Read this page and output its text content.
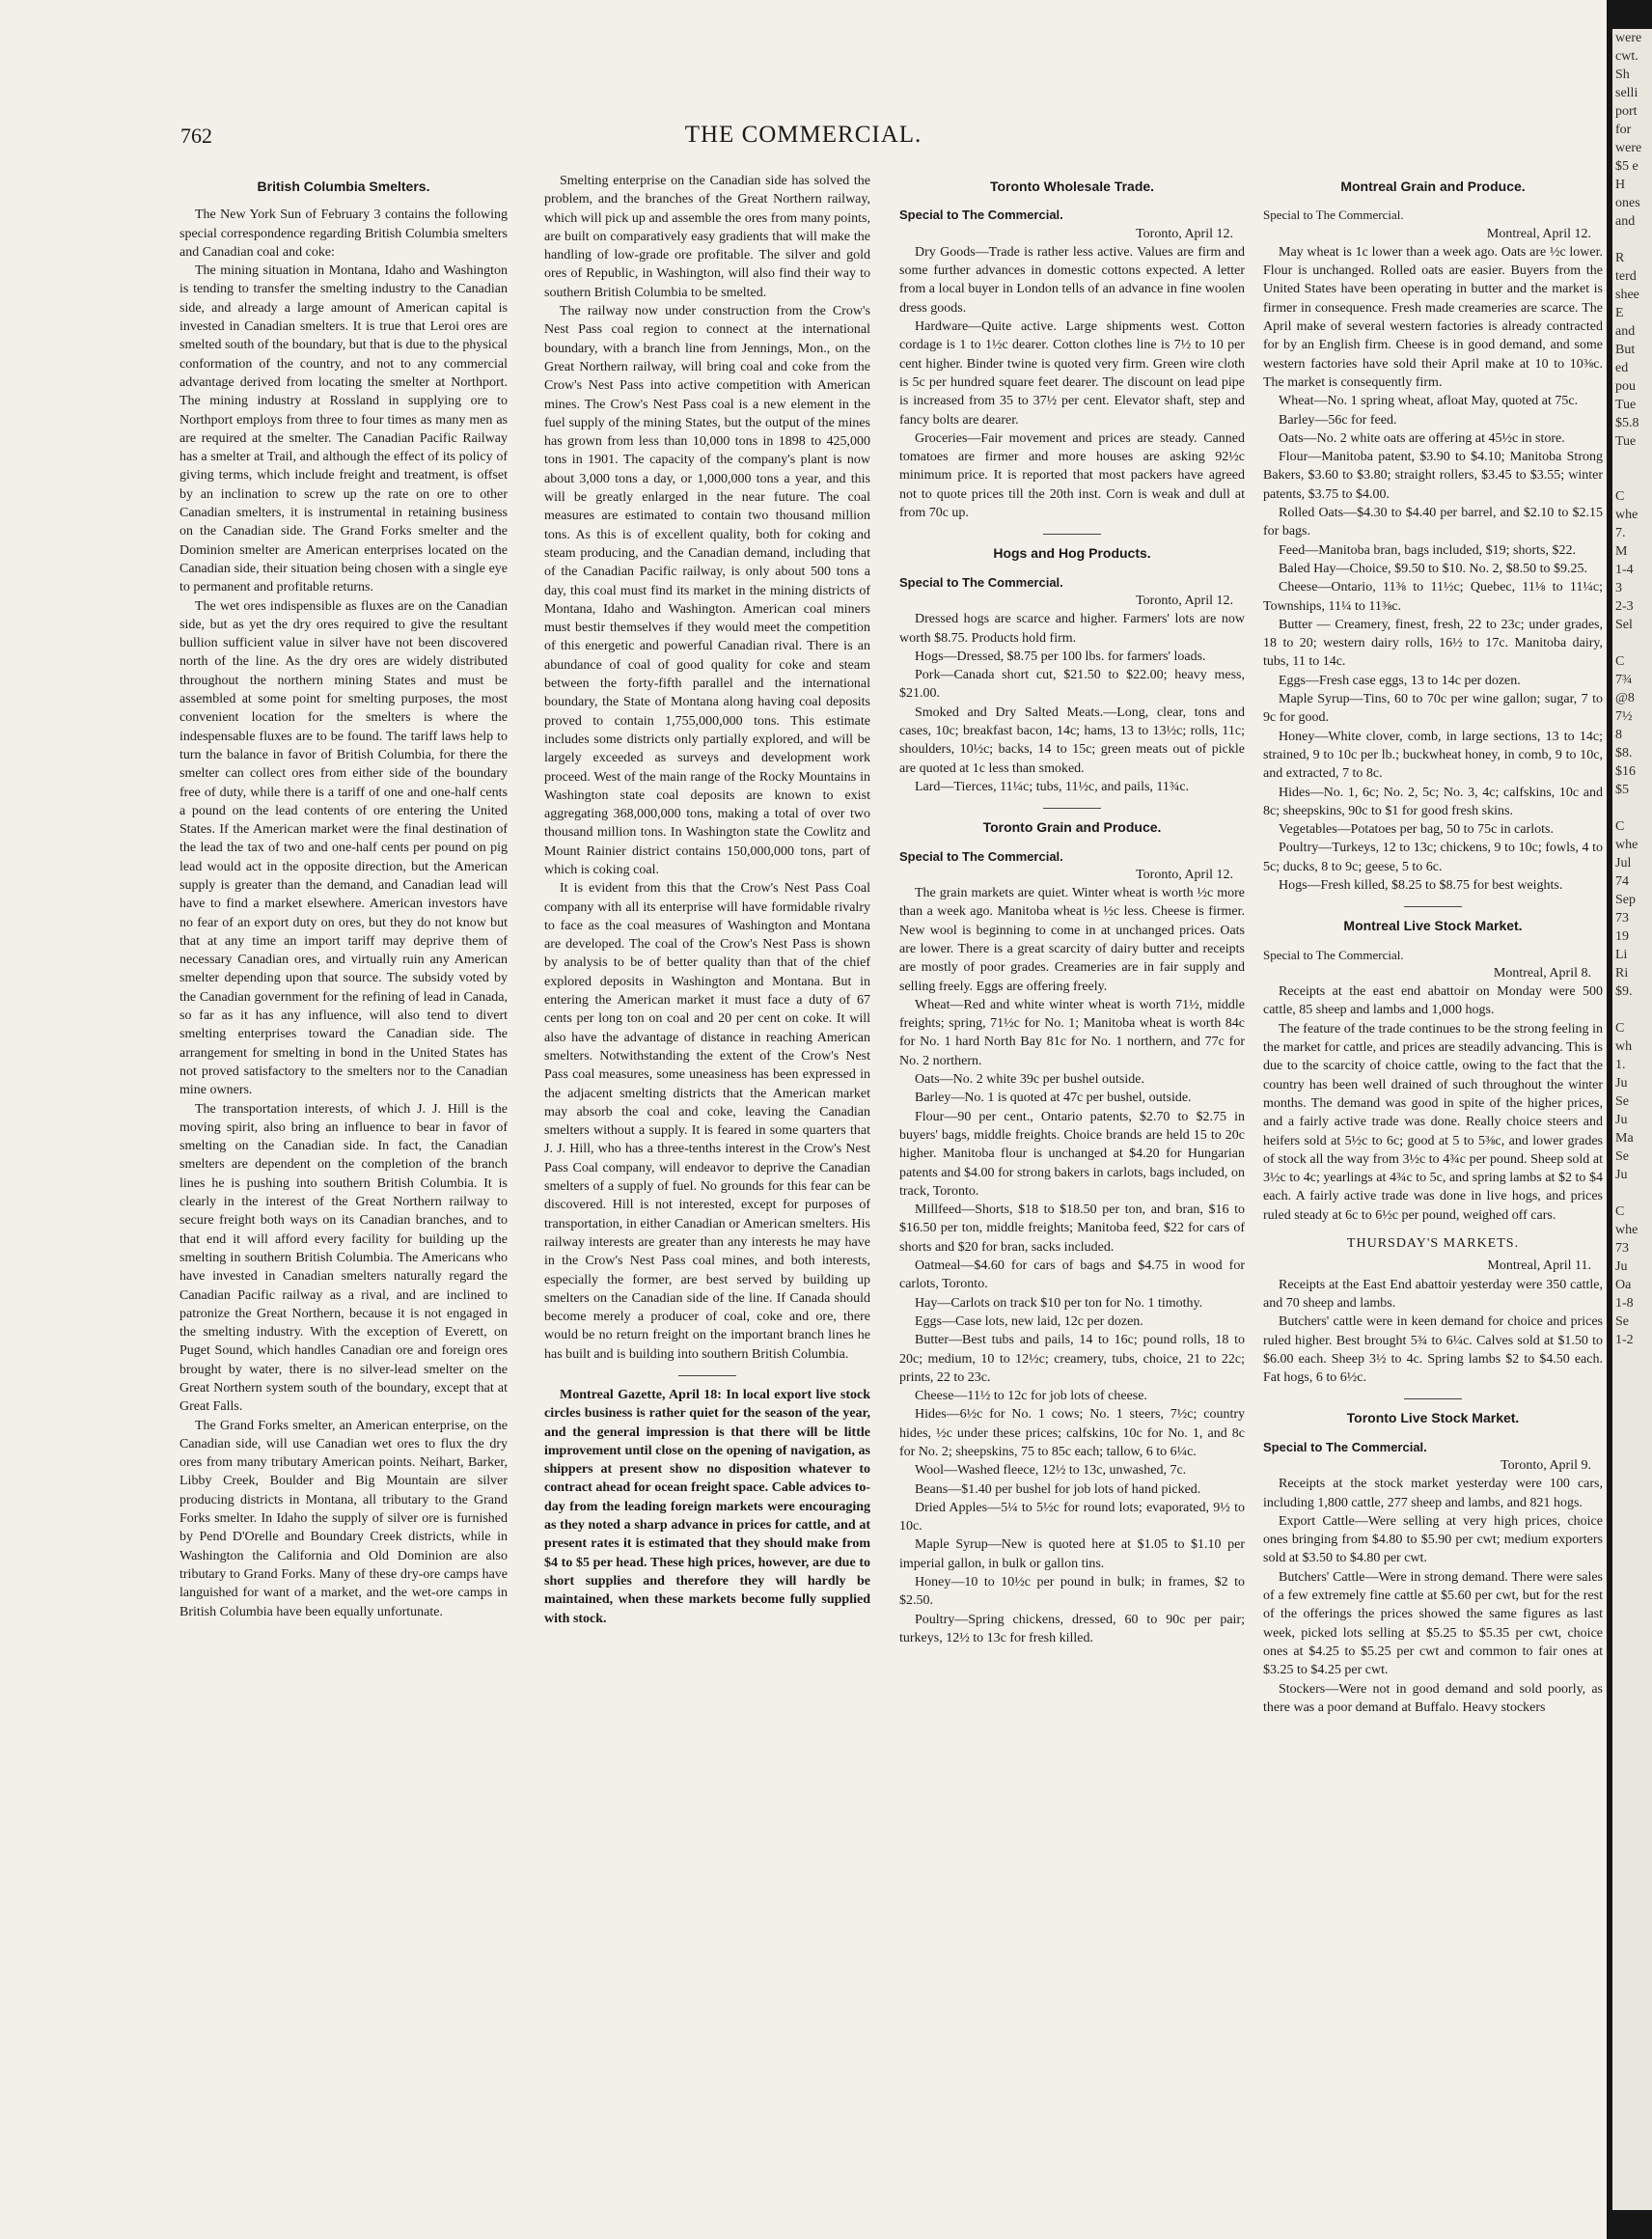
762	THE COMMERCIAL.
British Columbia Smelters.

The New York Sun of February 3 contains the following special correspondence regarding British Columbia smelters and Canadian coal and coke:

The mining situation in Montana, Idaho and Washington is tending to transfer the smelting industry to the Canadian side, and already a large amount of American capital is invested in Canadian smelters. It is true that Leroi ores are smelted south of the boundary, but that is due to the physical conformation of the country, and not to any commercial advantage derived from locating the smelter at Northport. The mining industry at Rossland in supplying ore to Northport employs from three to four times as many men as are required at the smelter. The Canadian Pacific Railway has a smelter at Trail, and although the effect of its policy of giving terms, which include freight and treatment, is offset by an inclination to screw up the rate on ore to other Canadian smelters, it is instrumental in retaining business on the Canadian side. The Grand Forks smelter and the Dominion smelter are American enterprises located on the Canadian side, their situation being chosen with a single eye to permanent and profitable returns.

The wet ores indispensible as fluxes are on the Canadian side, but as yet the dry ores required to give the resultant bullion sufficient value in silver have not been discovered north of the line. As the dry ores are widely distributed throughout the northern mining States and must be assembled at some point for smelting purposes, the most convenient location for the smelters is where the indespensable fluxes are to be found. The tariff laws help to turn the balance in favor of British Columbia, for there the smelter can collect ores from either side of the boundary free of duty, while there is a tariff of one and one-half cents a pound on the lead contents of ore entering the United States. If the American market were the final destination of the lead the tax of two and one-half cents per pound on pig lead would act in the opposite direction, but the American supply is greater than the demand, and Canadian lead will have to find a market elsewhere. American investors have no fear of an export duty on ores, but they do not know but that at any time an import tariff may deprive them of necessary Canadian ores, and virtually ruin any American smelter depending upon that source. The subsidy voted by the Canadian government for the refining of lead in Canada, so far as it has any influence, will also tend to divert smelting enterprises toward the Canadian side. The arrangement for smelting in bond in the United States has not proved satisfactory to the smelters nor to the Canadian mine owners.

The transportation interests, of which J. J. Hill is the moving spirit, also bring an influence to bear in favor of smelting on the Canadian side. In fact, the Canadian smelters are dependent on the completion of the branch lines he is pushing into southern British Columbia. It is clearly in the interest of the Great Northern railway to secure freight both ways on its Canadian branches, and to that end it will afford every facility for building up the smelting in southern British Columbia. The Americans who have invested in Canadian smelters naturally regard the Canadian Pacific railway as a rival, and are inclined to patronize the Great Northern, because it is not engaged in the smelting industry. With the exception of Everett, on Puget Sound, which handles Canadian ore and foreign ores brought by water, there is no silver-lead smelter on the Great Northern system south of the boundary, except that at Great Falls.

The Grand Forks smelter, an American enterprise, on the Canadian side, will use Canadian wet ores to flux the dry ores from many tributary American points. Neihart, Barker, Libby Creek, Boulder and Big Mountain are silver producing districts in Montana, all tributary to the Grand Forks smelter. In Idaho the supply of silver ore is furnished by Pend D'Orelle and Boundary Creek districts, while in Washington the California and Old Dominion are also tributary to Grand Forks. Many of these dry-ore camps have languished for want of a market, and the wet-ore camps in British Columbia have been equally unfortunate.

Smelting enterprise on the Canadian side has solved the problem, and the branches of the Great Northern railway, which will pick up and assemble the ores from many points, are built on comparatively easy gradients that will make the handling of low-grade ore profitable. The silver and gold ores of Republic, in Washington, will also find their way to southern British Columbia to be smelted.

The railway now under construction from the Crow's Nest Pass coal region to connect at the international boundary, with a branch line from Jennings, Mon., on the Great Northern railway, will bring coal and coke from the Crow's Nest Pass into active competition with American mines. The Crow's Nest Pass coal is a new element in the fuel supply of the mining States, but the output of the mines has grown from less than 10,000 tons in 1898 to 425,000 tons in 1901. The capacity of the company's plant is now about 3,000 tons a day, or 1,000,000 tons a year, and this will be greatly enlarged in the near future. The coal measures are estimated to contain two thousand million tons. As this is of excellent quality, both for coking and steam producing, and the Canadian demand, including that of the Canadian Pacific railway, is only about 500 tons a day, this coal must find its market in the mining districts of Montana, Idaho and Washington. American coal miners must bestir themselves if they would meet the competition of this energetic and powerful Canadian rival. There is an abundance of coal of good quality for coke and steam between the forty-fifth parallel and the international boundary, the State of Montana along having coal deposits proved to contain 1,755,000,000 tons. This estimate includes some districts only partially explored, and will be largely exceeded as surveys and development work proceed. West of the main range of the Rocky Mountains in Washington state coal deposits are known to exist aggregating 368,000,000 tons, making a total of over two thousand million tons. In Washington state the Cowlitz and Mount Rainier district contains 150,000,000 tons, part of which is coking coal.

It is evident from this that the Crow's Nest Pass Coal company with all its enterprise will have formidable rivalry to face as the coal measures of Washington and Montana are developed. The coal of the Crow's Nest Pass is shown by analysis to be of better quality than that of the chief explored deposits in Washington and Montana. But in entering the American market it must face a duty of 67 cents per long ton on coal and 20 per cent on coke. It will also have the advantage of distance in reaching American smelters. Notwithstanding the extent of the Crow's Nest Pass coal measures, some uneasiness has been expressed in the adjacent smelting districts that the American market may absorb the coal and coke, leaving the Canadian smelters without a supply. It is feared in some quarters that J. J. Hill, who has a three-tenths interest in the Crow's Nest Pass Coal company, will endeavor to deprive the Canadian smelters of a supply of fuel. No grounds for this fear can be discovered. Hill is not interested, except for purposes of transportation, in either Canadian or American smelters. His railway interests are greater than any interests he may have in the Crow's Nest Pass coal mines, and both interests, especially the former, are best served by building up smelters on the Canadian side of the line. If Canada should become merely a producer of coal, coke and ore, there would be no return freight on the important branch lines he has built and is building into southern British Columbia.

Montreal Gazette, April 18: In local export live stock circles business is rather quiet for the season of the year, and the general impression is that there will be little improvement until close on the opening of navigation, as shippers at present show no disposition whatever to contract ahead for ocean freight space. Cable advices to-day from the leading foreign markets were encouraging as they noted a sharp advance in prices for cattle, and at present rates it is estimated that they should make from $4 to $5 per head. These high prices, however, are due to short supplies and therefore they will hardly be maintained, when these markets become fully supplied with stock.

Toronto Wholesale Trade.
Special to The Commercial.
Toronto, April 12.

Dry Goods—Trade is rather less active. Values are firm and some further advances in domestic cottons expected. A letter from a local buyer in London tells of an advance in fine woolen dress goods.

Hardware—Quite active. Large shipments west. Cotton cordage is 1 to 1½c dearer. Cotton clothes line is 7½ to 10 per cent higher. Binder twine is quoted very firm. Green wire cloth is 5c per hundred square feet dearer. The discount on lead pipe is increased from 35 to 37½ per cent. Elevator shaft, step and fancy bolts are dearer.

Groceries—Fair movement and prices are steady. Canned tomatoes are firmer and more houses are asking 92½c minimum price. It is reported that most packers have agreed not to quote prices till the 20th inst. Corn is weak and dull at from 70c up.

Hogs and Hog Products.
Special to The Commercial.
Toronto, April 12.

Dressed hogs are scarce and higher. Farmers' lots are now worth $8.75. Products hold firm.

Hogs—Dressed, $8.75 per 100 lbs. for farmers' loads.

Pork—Canada short cut, $21.50 to $22.00; heavy mess, $21.00.

Smoked and Dry Salted Meats.—Long, clear, tons and cases, 10c; breakfast bacon, 14c; hams, 13 to 13½c; rolls, 11c; shoulders, 10½c; backs, 14 to 15c; green meats out of pickle are quoted at 1c less than smoked.

Lard—Tierces, 11¼c; tubs, 11½c, and pails, 11¾c.

Toronto Grain and Produce.
Special to The Commercial.
Toronto, April 12.

The grain markets are quiet. Winter wheat is worth ½c more than a week ago. Manitoba wheat is ½c less. Cheese is firmer. New wool is beginning to come in at unchanged prices. Oats are lower. There is a great scarcity of dairy butter and receipts are mostly of poor grades. Creameries are in fair supply and selling freely. Eggs are offering freely.

Wheat—Red and white winter wheat is worth 71½, middle freights; spring, 71½c for No. 1; Manitoba wheat is worth 84c for No. 1 hard North Bay 81c for No. 1 northern, and 77c for No. 2 northern.

Oats—No. 2 white 39c per bushel outside.

Barley—No. 1 is quoted at 47c per bushel, outside.

Flour—90 per cent., Ontario patents, $2.70 to $2.75 in buyers' bags, middle freights. Choice brands are held 15 to 20c higher. Manitoba flour is unchanged at $4.20 for Hungarian patents and $4.00 for strong bakers in carlots, bags included, on track, Toronto.

Millfeed—Shorts, $18 to $18.50 per ton, and bran, $16 to $16.50 per ton, middle freights; Manitoba feed, $22 for cars of shorts and $20 for bran, sacks included.

Oatmeal—$4.60 for cars of bags and $4.75 in wood for carlots, Toronto.

Hay—Carlots on track $10 per ton for No. 1 timothy.

Eggs—Case lots, new laid, 12c per dozen.

Butter—Best tubs and pails, 14 to 16c; pound rolls, 18 to 20c; medium, 10 to 12½c; creamery, tubs, choice, 21 to 22c; prints, 22 to 23c.

Cheese—11½ to 12c for job lots of cheese.

Hides—6½c for No. 1 cows; No. 1 steers, 7½c; country hides, ½c under these prices; calfskins, 10c for No. 1, and 8c for No. 2; sheepskins, 75 to 85c each; tallow, 6 to 6¼c.

Wool—Washed fleece, 12½ to 13c, unwashed, 7c.

Beans—$1.40 per bushel for job lots of hand picked.

Dried Apples—5¼ to 5½c for round lots; evaporated, 9½ to 10c.

Maple Syrup—New is quoted here at $1.05 to $1.10 per imperial gallon, in bulk or gallon tins.

Honey—10 to 10½c per pound in bulk; in frames, $2 to $2.50.

Poultry—Spring chickens, dressed, 60 to 90c per pair; turkeys, 12½ to 13c for fresh killed.

Montreal Grain and Produce.
Special to The Commercial.
Montreal, April 12.

May wheat is 1c lower than a week ago. Oats are ½c lower. Flour is unchanged. Rolled oats are easier. Buyers from the United States have been operating in butter and the market is firmer in consequence. Fresh made creameries are scarce. The April make of several western factories is already contracted for by an English firm. Cheese is in good demand, and some western factories have sold their April make at 10 to 10⅜c. The market is consequently firm.

Wheat—No. 1 spring wheat, afloat May, quoted at 75c.

Barley—56c for feed.

Oats—No. 2 white oats are offering at 45½c in store.

Flour—Manitoba patent, $3.90 to $4.10; Manitoba Strong Bakers, $3.60 to $3.80; straight rollers, $3.45 to $3.55; winter patents, $3.75 to $4.00.

Rolled Oats—$4.30 to $4.40 per barrel, and $2.10 to $2.15 for bags.

Feed—Manitoba bran, bags included, $19; shorts, $22.

Baled Hay—Choice, $9.50 to $10. No. 2, $8.50 to $9.25.

Cheese—Ontario, 11⅜ to 11½c; Quebec, 11⅛ to 11¼c; Townships, 11¼ to 11⅜c.

Butter — Creamery, finest, fresh, 22 to 23c; under grades, 18 to 20; western dairy rolls, 16½ to 17c. Manitoba dairy, tubs, 11 to 14c.

Eggs—Fresh case eggs, 13 to 14c per dozen.

Maple Syrup—Tins, 60 to 70c per wine gallon; sugar, 7 to 9c for good.

Honey—White clover, comb, in large sections, 13 to 14c; strained, 9 to 10c per lb.; buckwheat honey, in comb, 9 to 10c, and extracted, 7 to 8c.

Hides—No. 1, 6c; No. 2, 5c; No. 3, 4c; calfskins, 10c and 8c; sheepskins, 90c to $1 for good fresh skins.

Vegetables—Potatoes per bag, 50 to 75c in carlots.

Poultry—Turkeys, 12 to 13c; chickens, 9 to 10c; fowls, 4 to 5c; ducks, 8 to 9c; geese, 5 to 6c.

Hogs—Fresh killed, $8.25 to $8.75 for best weights.

Montreal Live Stock Market.
Special to The Commercial.
Montreal, April 8.

Receipts at the east end abattoir on Monday were 500 cattle, 85 sheep and lambs and 1,000 hogs.

The feature of the trade continues to be the strong feeling in the market for cattle, and prices are steadily advancing. This is due to the scarcity of choice cattle, owing to the fact that the country has been well drained of such throughout the winter months. The demand was good in spite of the higher prices, and a fairly active trade was done. Really choice steers and heifers sold at 5½c to 6c; good at 5 to 5⅜c, and lower grades of stock all the way from 3½c to 4¾c per pound. Sheep sold at 3½c to 4c; yearlings at 4¾c to 5c, and spring lambs at $2 to $4 each. A fairly active trade was done in live hogs, and prices ruled steady at 6c to 6½c per pound, weighed off cars.

THURSDAY'S MARKETS.
Montreal, April 11.

Receipts at the East End abattoir yesterday were 350 cattle, and 70 sheep and lambs.

Butchers' cattle were in keen demand for choice and prices ruled higher. Best brought 5¾ to 6¼c. Calves sold at $1.50 to $6.00 each. Sheep 3½ to 4c. Spring lambs $2 to $4.50 each. Fat hogs, 6 to 6½c.

Toronto Live Stock Market.
Special to The Commercial.
Toronto, April 9.

Receipts at the stock market yesterday were 100 cars, including 1,800 cattle, 277 sheep and lambs, and 821 hogs.

Export Cattle—Were selling at very high prices, choice ones bringing from $4.80 to $5.90 per cwt; medium exporters sold at $3.50 to $4.80 per cwt.

Butchers' Cattle—Were in strong demand. There were sales of a few extremely fine cattle at $5.60 per cwt, but for the rest of the offerings the prices showed the same figures as last week, picked lots selling at $5.25 to $5.35 per cwt, choice ones at $4.25 to $5.25 per cwt and common to fair ones at $3.25 to $4.25 per cwt.

Stockers—Were not in good demand and sold poorly, as there was a poor demand at Buffalo. Heavy stockers

were
cwt.
Sh
selli
port
for
were
$5 e
H
ones
and

R
terd
shee
E
and
But
ed
pou
Tue
$5.8
Tue

C
whe
7.
M
1-4
3
2-3
Sel

C
7¾
@8
7½
8
$8.
$16
$5

C
whe
Jul
74
Sep
73
19
Li
Ri
$9.

C
wh
1.
Ju
Se
Ju
Ma
Se
Ju

C
whe
73
Ju
Oa
1-8
Se
1-2
